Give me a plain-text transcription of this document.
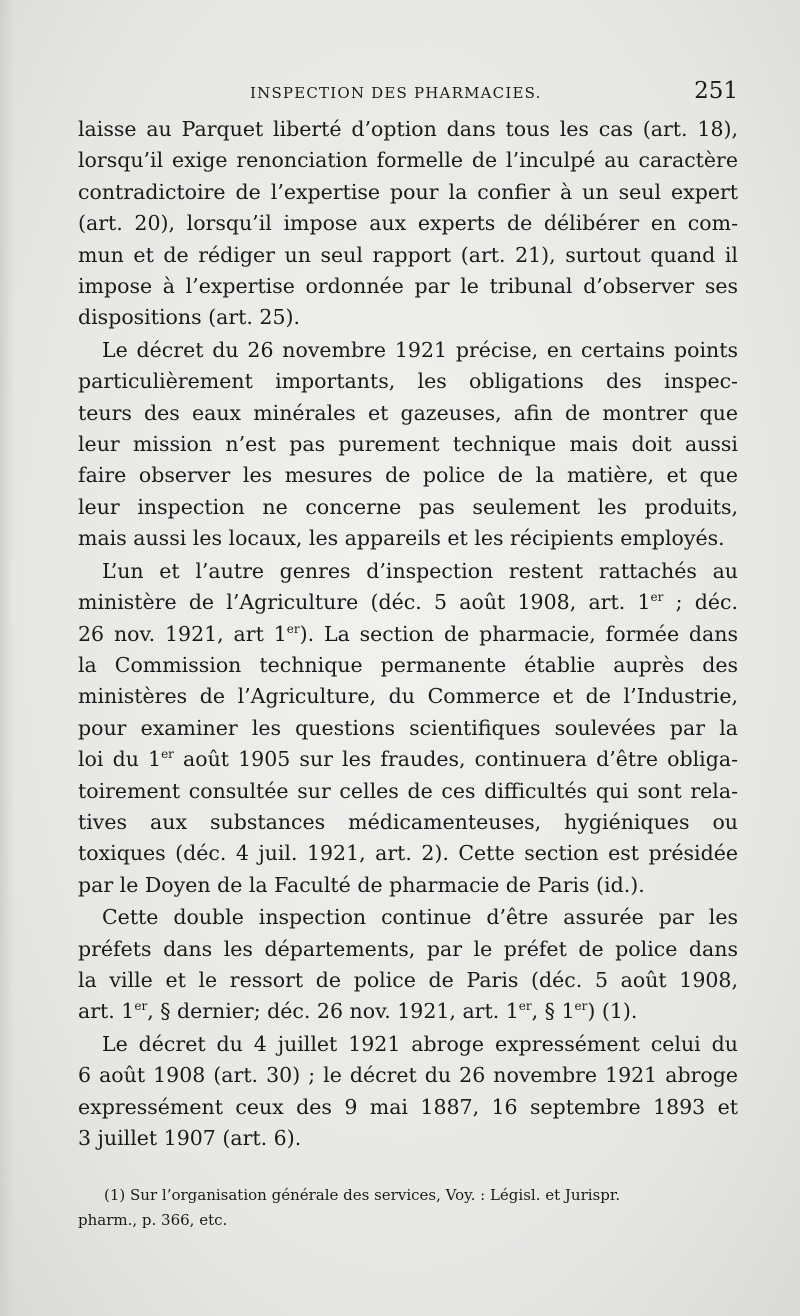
INSPECTION DES PHARMACIES.	251
laisse au Parquet liberté d’option dans tous les cas (art. 18),
lorsqu’il exige renonciation formelle de l’inculpé au caractère
contradictoire de l’expertise pour la confier à un seul expert
(art. 20), lorsqu’il impose aux experts de délibérer en com-
mun et de rédiger un seul rapport (art. 21), surtout quand il
impose à l’expertise ordonnée par le tribunal d’observer ses
dispositions (art. 25).
Le décret du 26 novembre 1921 précise, en certains points
particulièrement importants, les obligations des inspec-
teurs des eaux minérales et gazeuses, afin de montrer que
leur mission n’est pas purement technique mais doit aussi
faire observer les mesures de police de la matière, et que
leur inspection ne concerne pas seulement les produits,
mais aussi les locaux, les appareils et les récipients employés.
L’un et l’autre genres d’inspection restent rattachés au
ministère de l’Agriculture (déc. 5 août 1908, art. 1er ; déc.
26 nov. 1921, art 1er). La section de pharmacie, formée dans
la Commission technique permanente établie auprès des
ministères de l’Agriculture, du Commerce et de l’Industrie,
pour examiner les questions scientifiques soulevées par la
loi du 1er août 1905 sur les fraudes, continuera d’être obliga-
toirement consultée sur celles de ces difficultés qui sont rela-
tives aux substances médicamenteuses, hygiéniques ou
toxiques (déc. 4 juil. 1921, art. 2). Cette section est présidée
par le Doyen de la Faculté de pharmacie de Paris (id.).
Cette double inspection continue d’être assurée par les
préfets dans les départements, par le préfet de police dans
la ville et le ressort de police de Paris (déc. 5 août 1908,
art. 1er, § dernier; déc. 26 nov. 1921, art. 1er, § 1er) (1).
Le décret du 4 juillet 1921 abroge expressément celui du
6 août 1908 (art. 30) ; le décret du 26 novembre 1921 abroge
expressément ceux des 9 mai 1887, 16 septembre 1893 et
3 juillet 1907 (art. 6).
(1) Sur l’organisation générale des services, Voy. : Législ. et Jurispr.
pharm., p. 366, etc.
